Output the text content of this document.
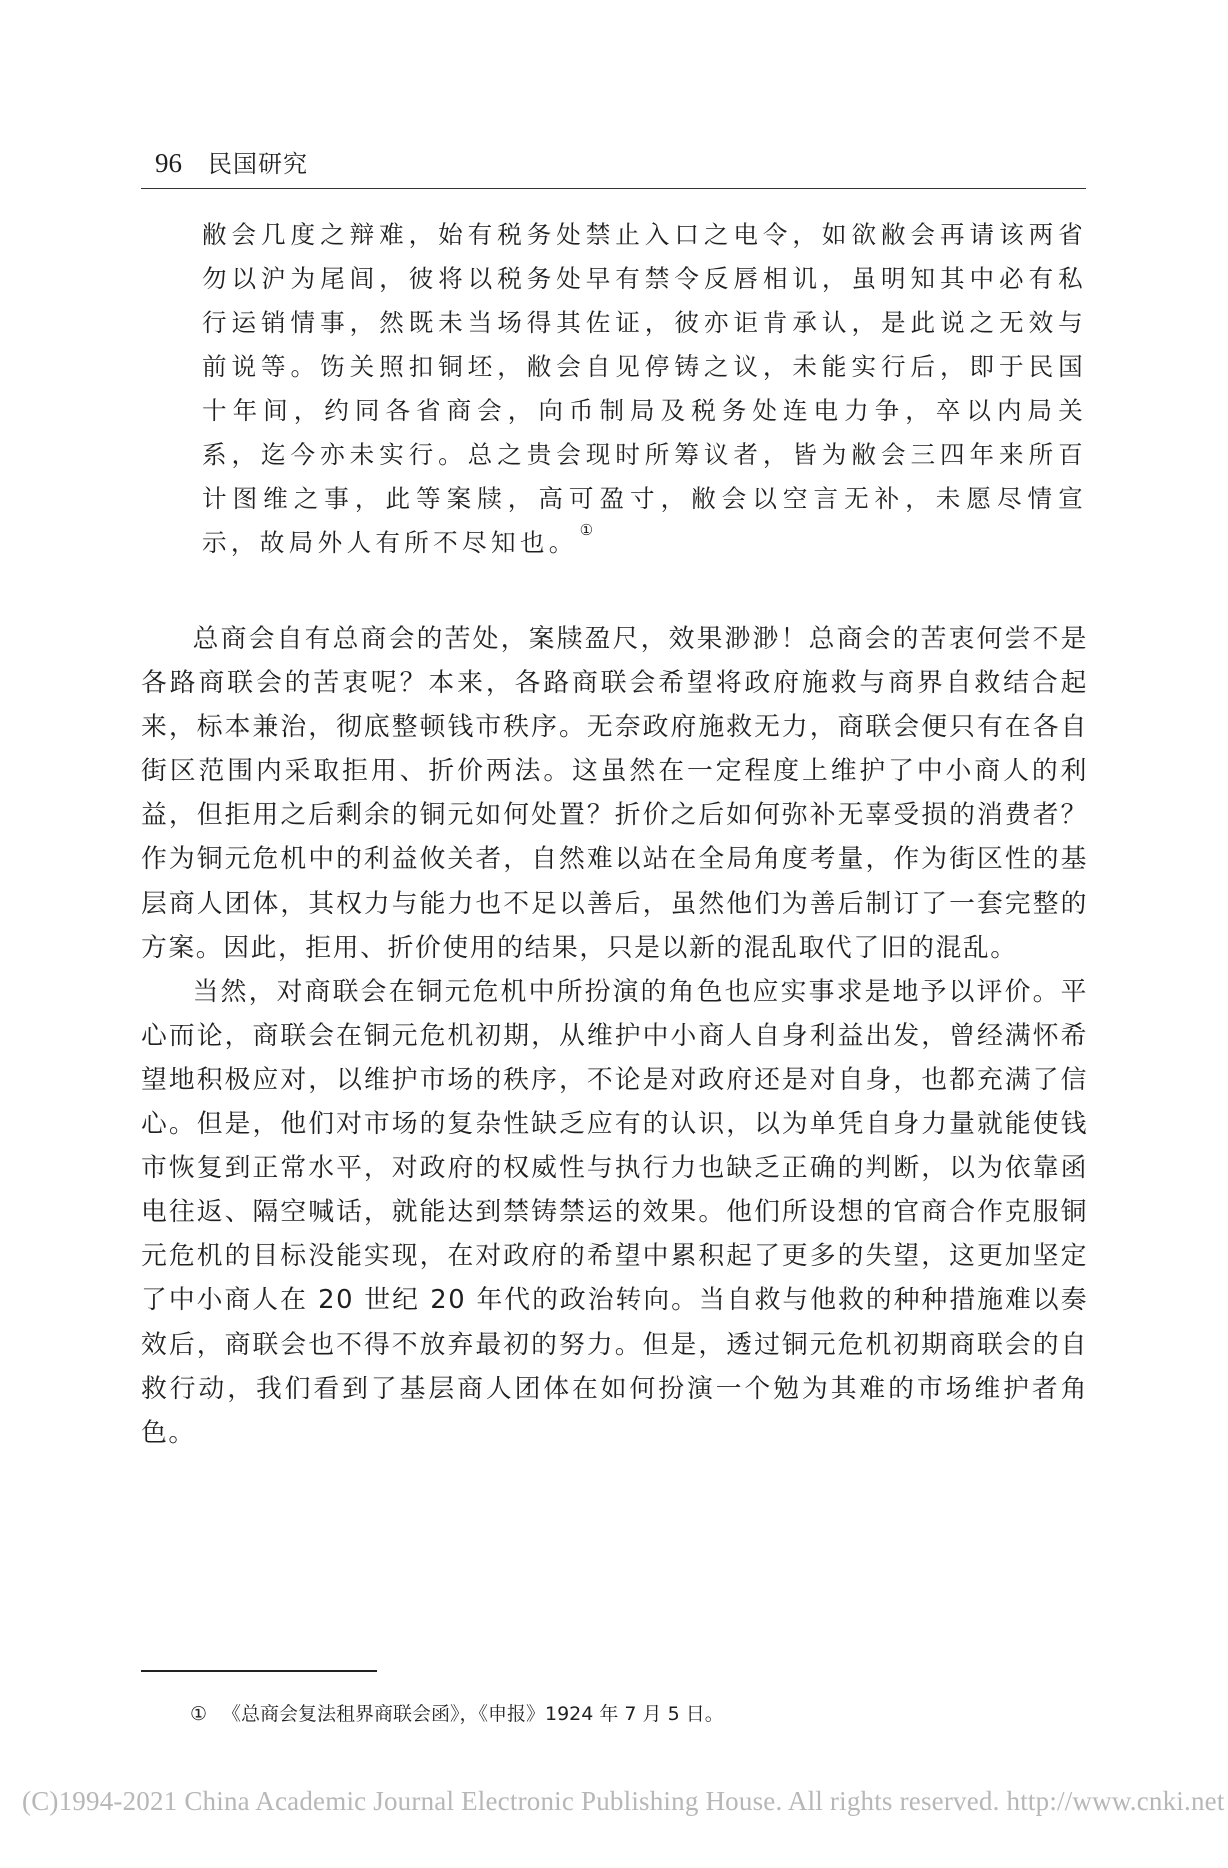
96 民国研究
敝会几度之辩难，始有税务处禁止入口之电令，如欲敝会再请该两省勿以沪为尾闾，彼将以税务处早有禁令反唇相讥，虽明知其中必有私行运销情事，然既未当场得其佐证，彼亦讵肯承认，是此说之无效与前说等。饬关照扣铜坯，敝会自见停铸之议，未能实行后，即于民国十年间，约同各省商会，向币制局及税务处连电力争，卒以内局关系，迄今亦未实行。总之贵会现时所筹议者，皆为敝会三四年来所百计图维之事，此等案牍，高可盈寸，敝会以空言无补，未愿尽情宣示，故局外人有所不尽知也。 ①

总商会自有总商会的苦处，案牍盈尺，效果渺渺！总商会的苦衷何尝不是各路商联会的苦衷呢？本来，各路商联会希望将政府施救与商界自救结合起来，标本兼治，彻底整顿钱市秩序。无奈政府施救无力，商联会便只有在各自街区范围内采取拒用、折价两法。这虽然在一定程度上维护了中小商人的利益，但拒用之后剩余的铜元如何处置？折价之后如何弥补无辜受损的消费者？作为铜元危机中的利益攸关者，自然难以站在全局角度考量，作为街区性的基层商人团体，其权力与能力也不足以善后，虽然他们为善后制订了一套完整的方案。因此，拒用、折价使用的结果，只是以新的混乱取代了旧的混乱。

当然，对商联会在铜元危机中所扮演的角色也应实事求是地予以评价。平心而论，商联会在铜元危机初期，从维护中小商人自身利益出发，曾经满怀希望地积极应对，以维护市场的秩序，不论是对政府还是对自身，也都充满了信心。但是，他们对市场的复杂性缺乏应有的认识，以为单凭自身力量就能使钱市恢复到正常水平，对政府的权威性与执行力也缺乏正确的判断，以为依靠函电往返、隔空喊话，就能达到禁铸禁运的效果。他们所设想的官商合作克服铜元危机的目标没能实现，在对政府的希望中累积起了更多的失望，这更加坚定了中小商人在 20 世纪 20 年代的政治转向。当自救与他救的种种措施难以奏效后，商联会也不得不放弃最初的努力。但是，透过铜元危机初期商联会的自救行动，我们看到了基层商人团体在如何扮演一个勉为其难的市场维护者角色。

① 《总商会复法租界商联会函》，《申报》1924 年 7 月 5 日。
(C)1994-2021 China Academic Journal Electronic Publishing House. All rights reserved. http://www.cnki.net
